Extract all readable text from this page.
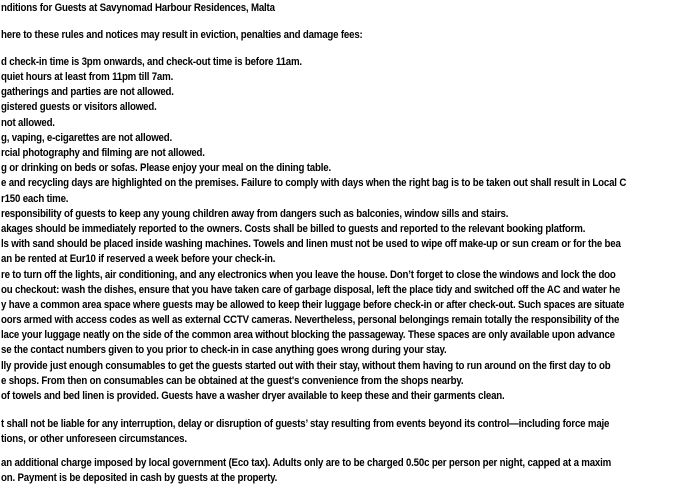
nditions for Guests at Savynomad Harbour Residences, Malta
here to these rules and notices may result in eviction, penalties and damage fees:
d check-in time is 3pm onwards, and check-out time is before 11am.
quiet hours at least from 11pm till 7am.
gatherings and parties are not allowed.
gistered guests or visitors allowed.
not allowed.
g, vaping, e-cigarettes are not allowed.
rcial photography and filming are not allowed.
g or drinking on beds or sofas. Please enjoy your meal on the dining table.
e and recycling days are highlighted on the premises. Failure to comply with days when the right bag is to be taken out shall result in Local C
r150 each time.
responsibility of guests to keep any young children away from dangers such as balconies, window sills and stairs.
akages should be immediately reported to the owners. Costs shall be billed to guests and reported to the relevant booking platform.
ls with sand should be placed inside washing machines. Towels and linen must not be used to wipe off make-up or sun cream or for the bea
an be rented at Eur10 if reserved a week before your check-in.
re to turn off the lights, air conditioning, and any electronics when you leave the house. Don’t forget to close the windows and lock the doo
ou checkout: wash the dishes, ensure that you have taken care of garbage disposal, left the place tidy and switched off the AC and water he
y have a common area space where guests may be allowed to keep their luggage before check-in or after check-out. Such spaces are situate
oors armed with access codes as well as external CCTV cameras. Nevertheless, personal belongings remain totally the responsibility of the
lace your luggage neatly on the side of the common area without blocking the passageway. These spaces are only available upon advance
se the contact numbers given to you prior to check-in in case anything goes wrong during your stay.
lly provide just enough consumables to get the guests started out with their stay, without them having to run around on the first day to ob
e shops. From then on consumables can be obtained at the guest's convenience from the shops nearby.
of towels and bed linen is provided. Guests have a washer dryer available to keep these and their garments clean.
t shall not be liable for any interruption, delay or disruption of guests’ stay resulting from events beyond its control—including force maje
tions, or other unforeseen circumstances.
an additional charge imposed by local government (Eco tax). Adults only are to be charged 0.50c per person per night, capped at a maxim
on. Payment is be deposited in cash by guests at the property.
